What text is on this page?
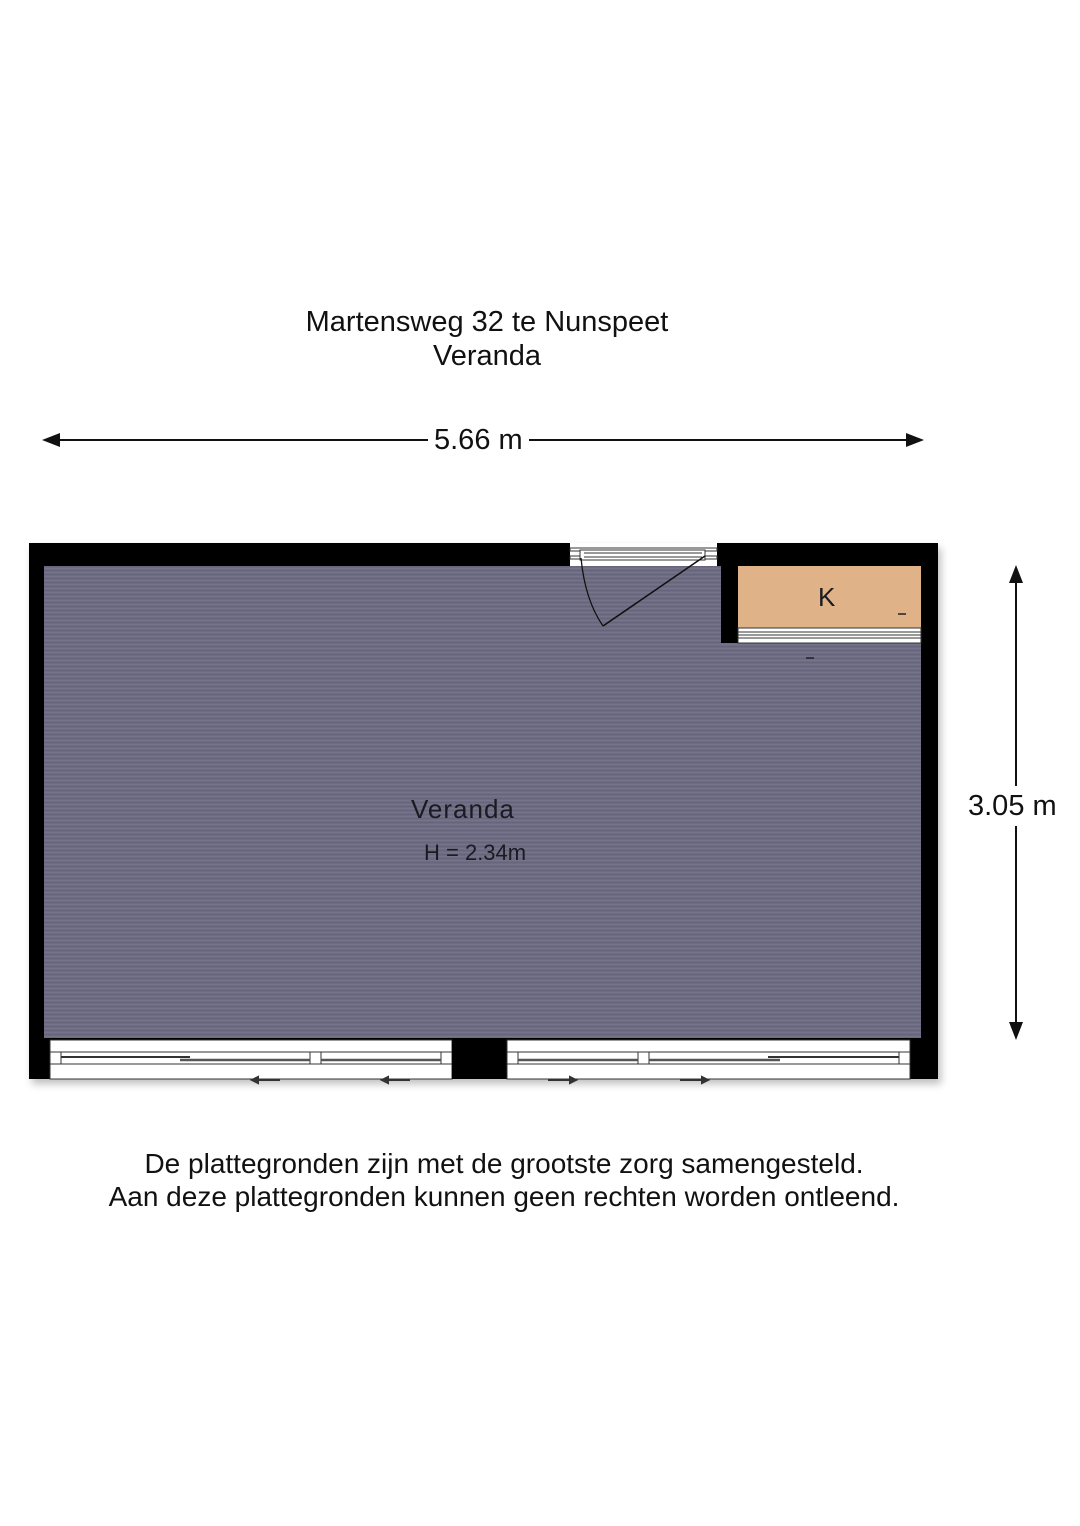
Martensweg 32 te Nunspeet
Veranda
5.66 m
3.05 m
Veranda
H = 2.34m
K
De plattegronden zijn met de grootste zorg samengesteld.
Aan deze plattegronden kunnen geen rechten worden ontleend.
